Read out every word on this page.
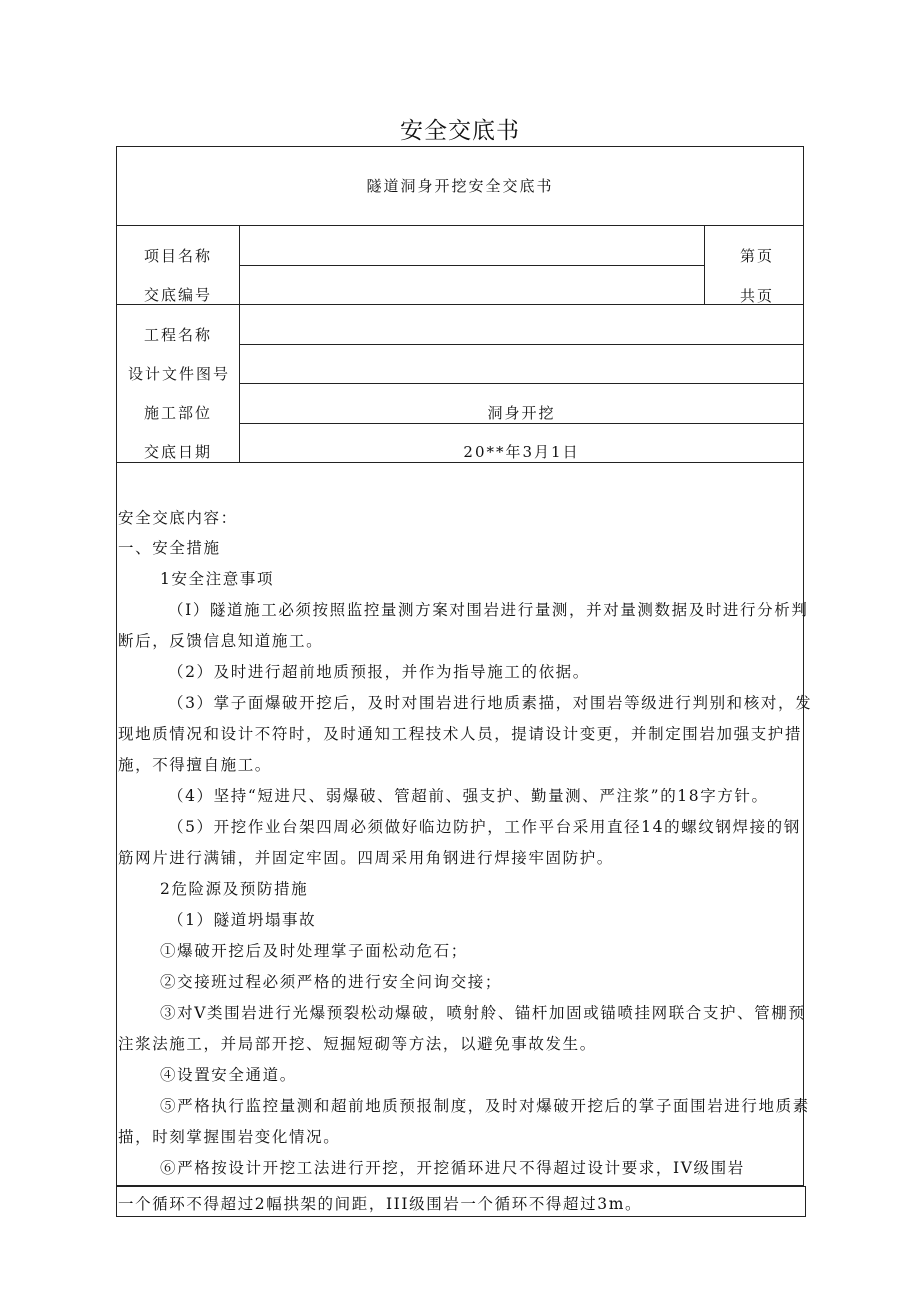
安全交底书
隧道洞身开挖安全交底书
项目名称
交底编号
工程名称
设计文件图号
施工部位
交底日期
洞身开挖
20**年3月1日
第页
共页
安全交底内容：
一、安全措施
1安全注意事项
（I）隧道施工必须按照监控量测方案对围岩进行量测，并对量测数据及时进行分析判
断后，反馈信息知道施工。
（2）及时进行超前地质预报，并作为指导施工的依据。
（3）掌子面爆破开挖后，及时对围岩进行地质素描，对围岩等级进行判别和核对，发
现地质情况和设计不符时，及时通知工程技术人员，提请设计变更，并制定围岩加强支护措
施，不得擅自施工。
（4）坚持“短进尺、弱爆破、管超前、强支护、勤量测、严注浆”的18字方针。
（5）开挖作业台架四周必须做好临边防护，工作平台采用直径14的螺纹钢焊接的钢
筋网片进行满铺，并固定牢固。四周采用角钢进行焊接牢固防护。
2危险源及预防措施
（1）隧道坍塌事故
①爆破开挖后及时处理掌子面松动危石；
②交接班过程必须严格的进行安全问询交接；
③对V类围岩进行光爆预裂松动爆破，喷射舲、锚杆加固或锚喷挂网联合支护、管棚预
注浆法施工，并局部开挖、短掘短砌等方法，以避免事故发生。
④设置安全通道。
⑤严格执行监控量测和超前地质预报制度，及时对爆破开挖后的掌子面围岩进行地质素
描，时刻掌握围岩变化情况。
⑥严格按设计开挖工法进行开挖，开挖循环进尺不得超过设计要求，IV级围岩
一个循环不得超过2幅拱架的间距，III级围岩一个循环不得超过3m。
